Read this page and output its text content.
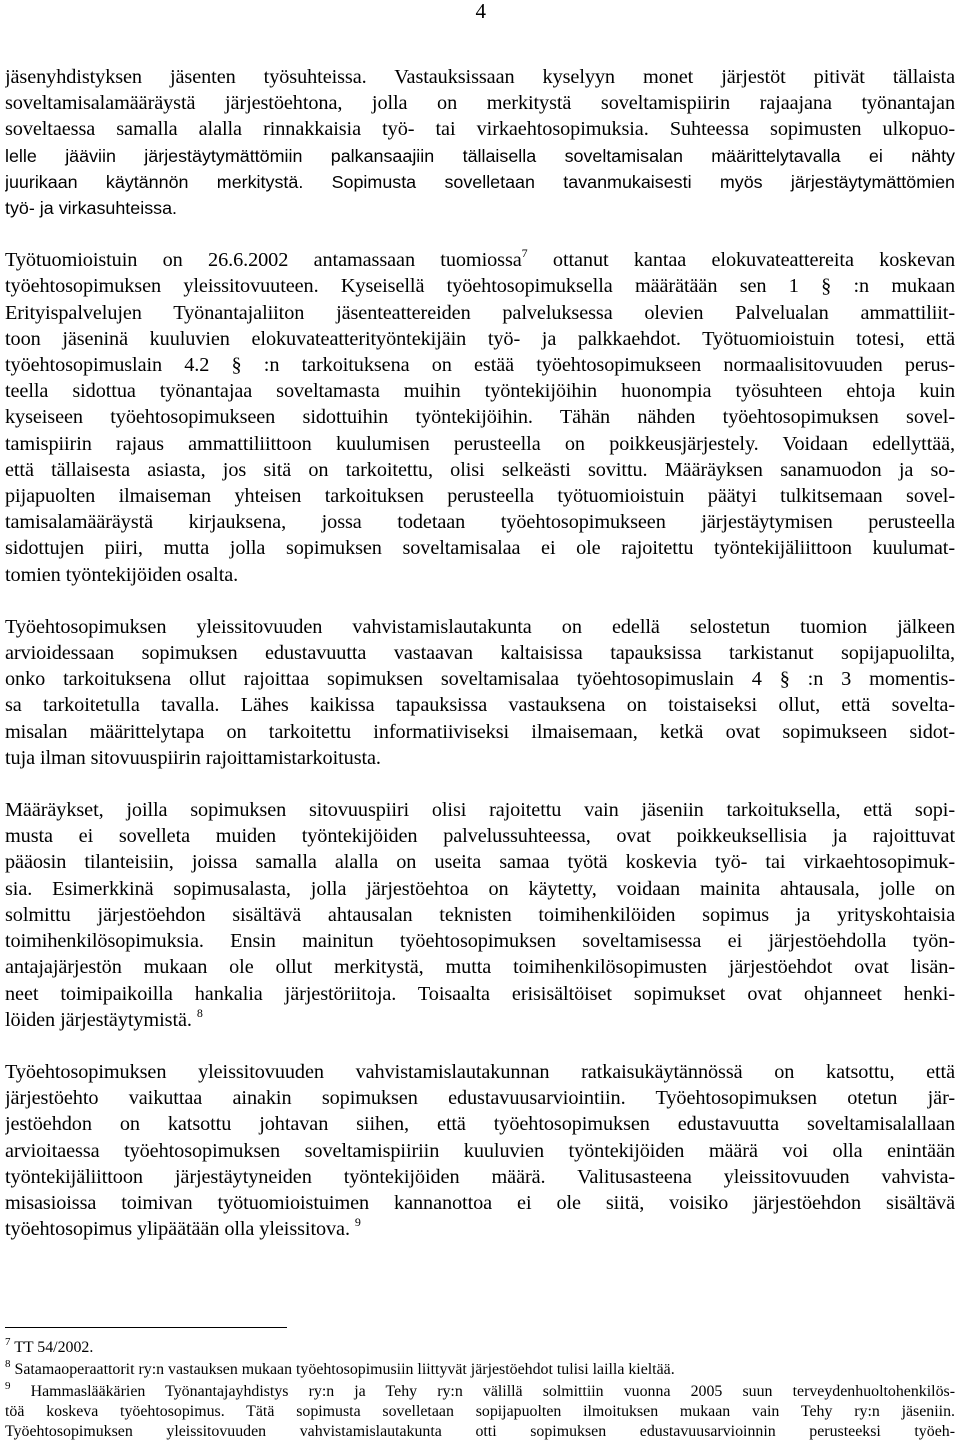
4
jäsenyhdistyksen jäsenten työsuhteissa. Vastauksissaan kyselyyn monet järjestöt pitivät tällaista
soveltamisalamääräystä järjestöehtona, jolla on merkitystä soveltamispiirin rajaajana työnantajan
soveltaessa samalla alalla rinnakkaisia työ- tai virkaehtosopimuksia. Suhteessa sopimusten ulkopuo-
lelle jääviin järjestäytymättömiin palkansaajiin tällaisella soveltamisalan määrittelytavalla ei nähty
juurikaan käytännön merkitystä. Sopimusta sovelletaan tavanmukaisesti myös järjestäytymättömien
työ- ja virkasuhteissa.
Työtuomioistuin on 26.6.2002 antamassaan tuomiossa$^7$ ottanut kantaa elokuvateattereita koskevan
työehtosopimuksen yleissitovuuteen. Kyseisellä työehtosopimuksella määrätään sen 1 § :n mukaan
Erityispalvelujen Työnantajaliiton jäsenteattereiden palveluksessa olevien Palvelualan ammattiliit-
toon jäseninä kuuluvien elokuvateatterityöntekijäin työ- ja palkkaehdot. Työtuomioistuin totesi, että
työehtosopimuslain 4.2 § :n tarkoituksena on estää työehtosopimukseen normaalisitovuuden perus-
teella sidottua työnantajaa soveltamasta muihin työntekijöihin huonompia työsuhteen ehtoja kuin
kyseiseen työehtosopimukseen sidottuihin työntekijöihin. Tähän nähden työehtosopimuksen sovel-
tamispiirin rajaus ammattiliittoon kuulumisen perusteella on poikkeusjärjestely. Voidaan edellyttää,
että tällaisesta asiasta, jos sitä on tarkoitettu, olisi selkeästi sovittu. Määräyksen sanamuodon ja so-
pijapuolten ilmaiseman yhteisen tarkoituksen perusteella työtuomioistuin päätyi tulkitsemaan sovel-
tamisalamääräystä kirjauksena, jossa todetaan työehtosopimukseen järjestäytymisen perusteella
sidottujen piiri, mutta jolla sopimuksen soveltamisalaa ei ole rajoitettu työntekijäliittoon kuulumat-
tomien työntekijöiden osalta.
Työehtosopimuksen yleissitovuuden vahvistamislautakunta on edellä selostetun tuomion jälkeen
arvioidessaan sopimuksen edustavuutta vastaavan kaltaisissa tapauksissa tarkistanut sopijapuolilta,
onko tarkoituksena ollut rajoittaa sopimuksen soveltamisalaa työehtosopimuslain 4 § :n 3 momentis-
sa tarkoitetulla tavalla. Lähes kaikissa tapauksissa vastauksena on toistaiseksi ollut, että sovelta-
misalan määrittelytapa on tarkoitettu informatiiviseksi ilmaisemaan, ketkä ovat sopimukseen sidot-
tuja ilman sitovuuspiirin rajoittamistarkoitusta.
Määräykset, joilla sopimuksen sitovuuspiiri olisi rajoitettu vain jäseniin tarkoituksella, että sopi-
musta ei sovelleta muiden työntekijöiden palvelussuhteessa, ovat poikkeuksellisia ja rajoittuvat
pääosin tilanteisiin, joissa samalla alalla on useita samaa työtä koskevia työ- tai virkaehtosopimuk-
sia. Esimerkkinä sopimusalasta, jolla järjestöehtoa on käytetty, voidaan mainita ahtausala, jolle on
solmittu järjestöehdon sisältävä ahtausalan teknisten toimihenkilöiden sopimus ja yrityskohtaisia
toimihenkilösopimuksia. Ensin mainitun työehtosopimuksen soveltamisessa ei järjestöehdolla työn-
antajajärjestön mukaan ole ollut merkitystä, mutta toimihenkilösopimusten järjestöehdot ovat lisän-
neet toimipaikoilla hankalia järjestöriitoja. Toisaalta erisisältöiset sopimukset ovat ohjanneet henki-
löiden järjestäytymistä. $^8$
Työehtosopimuksen yleissitovuuden vahvistamislautakunnan ratkaisukäytännössä on katsottu, että
järjestöehto vaikuttaa ainakin sopimuksen edustavuusarviointiin. Työehtosopimuksen otetun jär-
jestöehdon on katsottu johtavan siihen, että työehtosopimuksen edustavuutta soveltamisalallaan
arvioitaessa työehtosopimuksen soveltamispiiriin kuuluvien työntekijöiden määrä voi olla enintään
työntekijäliittoon järjestäytyneiden työntekijöiden määrä. Valitusasteena yleissitovuuden vahvista-
misasioissa toimivan työtuomioistuimen kannanottoa ei ole siitä, voisiko järjestöehdon sisältävä
työehtosopimus ylipäätään olla yleissitova. $^9$
$^7$ TT 54/2002.
$^8$ Satamaoperaattorit ry:n vastauksen mukaan työehtosopimusiin liittyvät järjestöehdot tulisi lailla kieltää.
$^9$ Hammaslääkärien Työnantajayhdistys ry:n ja Tehy ry:n välillä solmittiin vuonna 2005 suun terveydenhuoltohenkilös-
töä koskeva työehtosopimus. Tätä sopimusta sovelletaan sopijapuolten ilmoituksen mukaan vain Tehy ry:n jäseniin.
Työehtosopimuksen yleissitovuuden vahvistamislautakunta otti sopimuksen edustavuusarvioinnin perusteeksi työeh-
